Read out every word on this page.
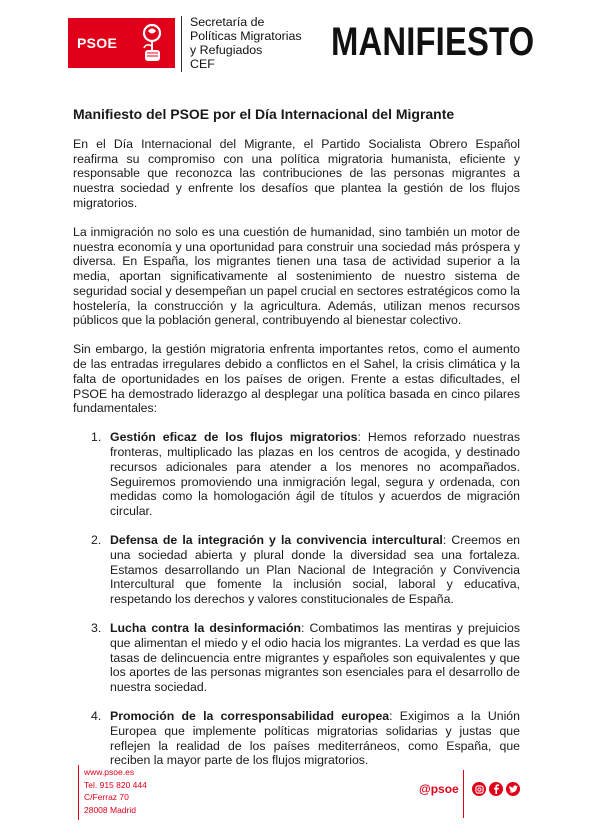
PSOE
Secretaría de
Políticas Migratorias
y Refugiados
CEF	MANIFIESTO
Manifiesto del PSOE por el Día Internacional del Migrante

En el Día Internacional del Migrante, el Partido Socialista Obrero Español reafirma su compromiso con una política migratoria humanista, eficiente y responsable que reconozca las contribuciones de las personas migrantes a nuestra sociedad y enfrente los desafíos que plantea la gestión de los flujos migratorios.

La inmigración no solo es una cuestión de humanidad, sino también un motor de nuestra economía y una oportunidad para construir una sociedad más próspera y diversa. En España, los migrantes tienen una tasa de actividad superior a la media, aportan significativamente al sostenimiento de nuestro sistema de seguridad social y desempeñan un papel crucial en sectores estratégicos como la hostelería, la construcción y la agricultura. Además, utilizan menos recursos públicos que la población general, contribuyendo al bienestar colectivo.

Sin embargo, la gestión migratoria enfrenta importantes retos, como el aumento de las entradas irregulares debido a conflictos en el Sahel, la crisis climática y la falta de oportunidades en los países de origen. Frente a estas dificultades, el PSOE ha demostrado liderazgo al desplegar una política basada en cinco pilares fundamentales:

1. Gestión eficaz de los flujos migratorios: Hemos reforzado nuestras fronteras, multiplicado las plazas en los centros de acogida, y destinado recursos adicionales para atender a los menores no acompañados. Seguiremos promoviendo una inmigración legal, segura y ordenada, con medidas como la homologación ágil de títulos y acuerdos de migración circular.
2. Defensa de la integración y la convivencia intercultural: Creemos en una sociedad abierta y plural donde la diversidad sea una fortaleza. Estamos desarrollando un Plan Nacional de Integración y Convivencia Intercultural que fomente la inclusión social, laboral y educativa, respetando los derechos y valores constitucionales de España.
3. Lucha contra la desinformación: Combatimos las mentiras y prejuicios que alimentan el miedo y el odio hacia los migrantes. La verdad es que las tasas de delincuencia entre migrantes y españoles son equivalentes y que los aportes de las personas migrantes son esenciales para el desarrollo de nuestra sociedad.
4. Promoción de la corresponsabilidad europea: Exigimos a la Unión Europea que implemente políticas migratorias solidarias y justas que reflejen la realidad de los países mediterráneos, como España, que reciben la mayor parte de los flujos migratorios.
www.psoe.es
Tel. 915 820 444
C/Ferraz 70
28008 Madrid
@psoe
